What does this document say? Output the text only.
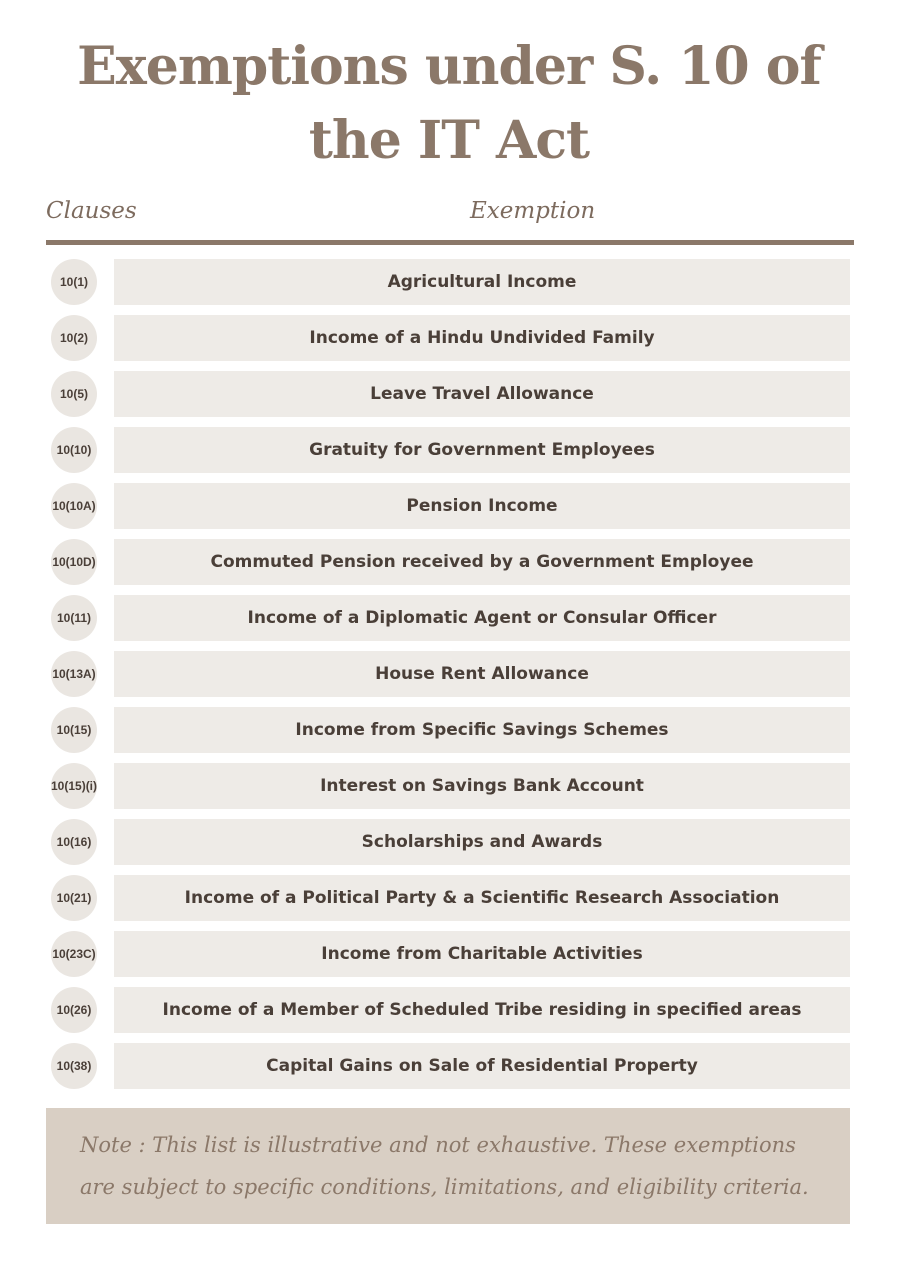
Exemptions under S. 10 of the IT Act
Clauses	Exemption
10(1)	Agricultural Income
10(2)	Income of a Hindu Undivided Family
10(5)	Leave Travel Allowance
10(10)	Gratuity for Government Employees
10(10A)	Pension Income
10(10D)	Commuted Pension received by a Government Employee
10(11)	Income of a Diplomatic Agent or Consular Officer
10(13A)	House Rent Allowance
10(15)	Income from Specific Savings Schemes
10(15)(i)	Interest on Savings Bank Account
10(16)	Scholarships and Awards
10(21)	Income of a Political Party & a Scientific Research Association
10(23C)	Income from Charitable Activities
10(26)	Income of a Member of Scheduled Tribe residing in specified areas
10(38)	Capital Gains on Sale of Residential Property
Note : This list is illustrative and not exhaustive. These exemptions are subject to specific conditions, limitations, and eligibility criteria.
